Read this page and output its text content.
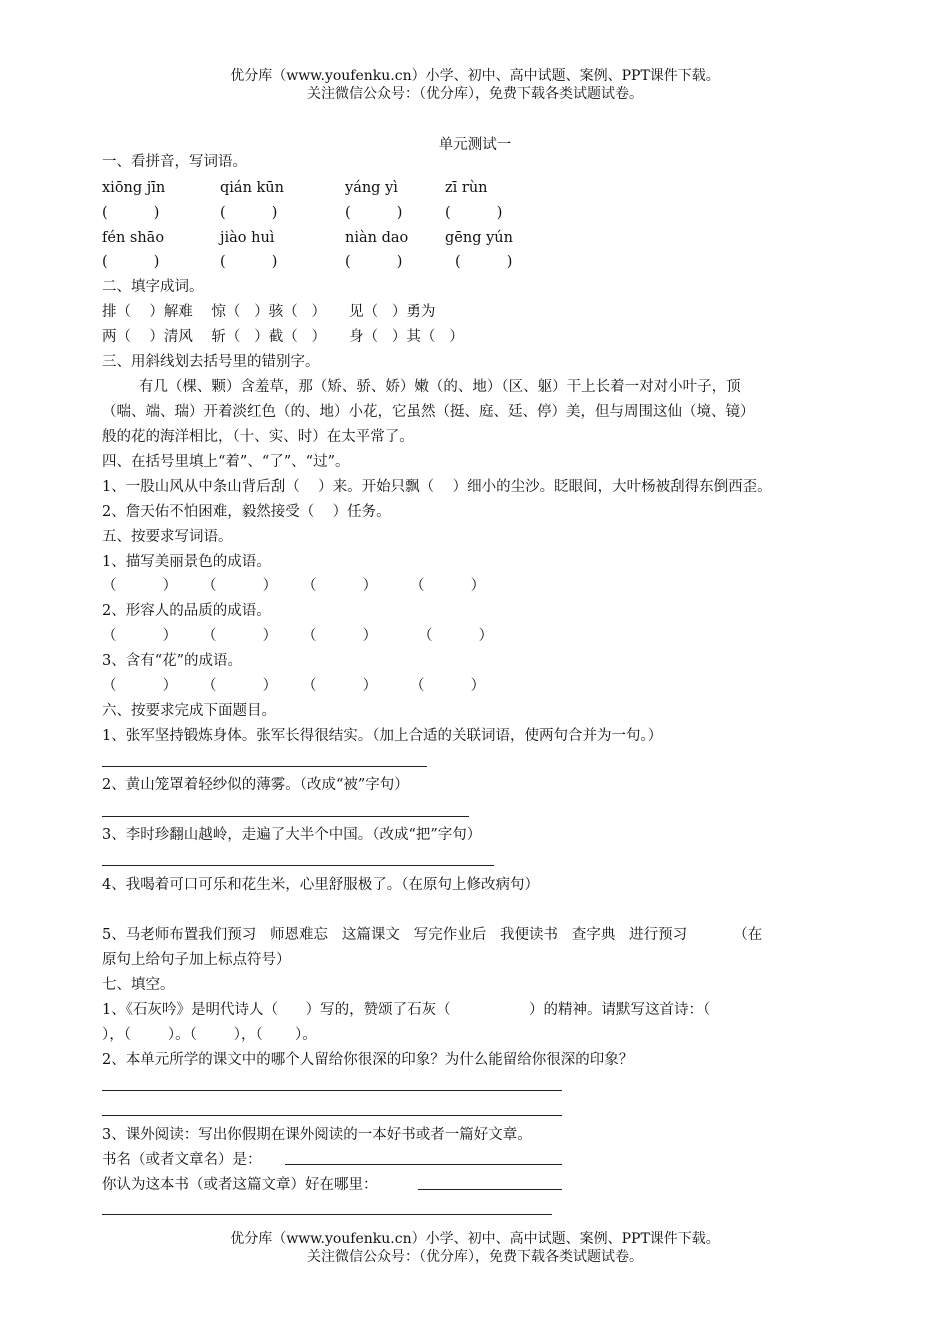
优分库（www.youfenku.cn）小学、初中、高中试题、案例、PPT课件下载。
关注微信公众号：（优分库），免费下载各类试题试卷。
单元测试一
一、看拼音，写词语。
xiōng jīn	qián kūn	yáng yì	zī rùn
(          )	(          )	(          )	(          )
fén shāo	jiào huì	niàn dao	gēng yún
(          )	(          )	(          )	(          )
二、填字成词。
排（    ）解难    惊（   ）骇（   ）     见（   ）勇为
两（    ）清风    斩（   ）截（   ）     身（   ）其（   ）
三、用斜线划去括号里的错别字。
有几（棵、颗）含羞草，那（矫、骄、娇）嫩（的、地）（区、躯）干上长着一对对小叶子，顶
（喘、端、瑞）开着淡红色（的、地）小花，它虽然（挺、庭、廷、停）美，但与周围这仙（境、镜）
般的花的海洋相比，（十、实、时）在太平常了。
四、在括号里填上“着”、“了”、“过”。
1、一股山风从中条山背后刮（    ）来。开始只飘（    ）细小的尘沙。眨眼间，大叶杨被刮得东倒西歪。
2、詹天佑不怕困难，毅然接受（    ）任务。
五、按要求写词语。
1、描写美丽景色的成语。
（          ） （          ） （          ） （          ）
2、形容人的品质的成语。
（          ） （          ） （          ）	（          ）
3、含有“花”的成语。
（          ） （          ） （          ） （          ）
六、按要求完成下面题目。
1、张军坚持锻炼身体。张军长得很结实。（加上合适的关联词语，使两句合并为一句。）
2、黄山笼罩着轻纱似的薄雾。（改成“被”字句）
3、李时珍翻山越岭，走遍了大半个中国。（改成“把”字句）
4、我喝着可口可乐和花生米，心里舒服极了。（在原句上修改病句）
5、马老师布置我们预习   师恩难忘   这篇课文   写完作业后   我便读书   查字典   进行预习          （在
原句上给句子加上标点符号）
七、填空。
1、《石灰吟》是明代诗人（      ）写的，赞颂了石灰（                 ）的精神。请默写这首诗：（
），（        ）。（        ），（       ）。
2、本单元所学的课文中的哪个人留给你很深的印象？为什么能留给你很深的印象？
3、课外阅读：写出你假期在课外阅读的一本好书或者一篇好文章。
书名（或者文章名）是：
你认为这本书（或者这篇文章）好在哪里：
优分库（www.youfenku.cn）小学、初中、高中试题、案例、PPT课件下载。
关注微信公众号：（优分库），免费下载各类试题试卷。
